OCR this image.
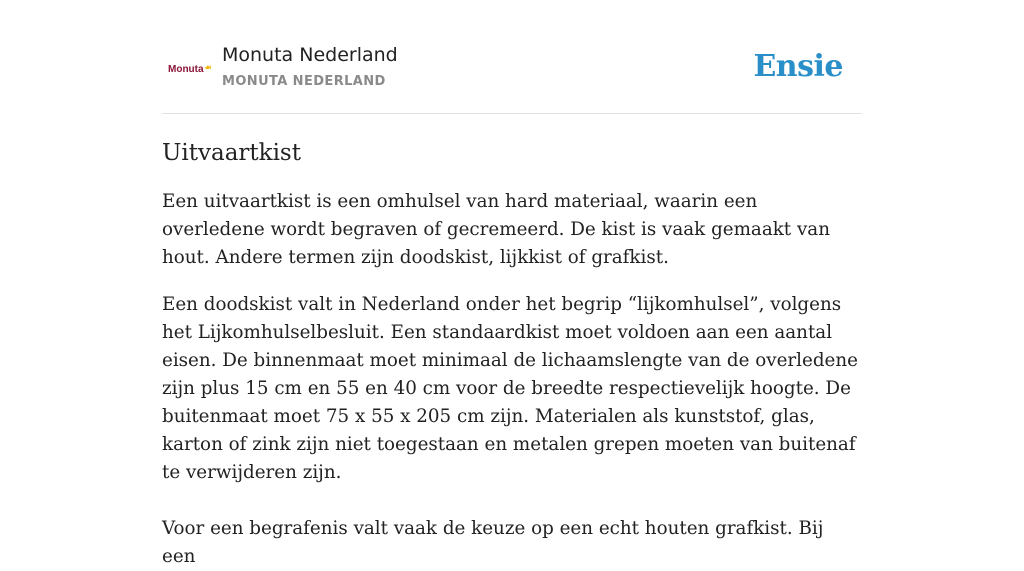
Monuta ☙
Monuta Nederland
MONUTA NEDERLAND	Ensie
Uitvaartkist

Een uitvaartkist is een omhulsel van hard materiaal, waarin een overledene wordt begraven of gecremeerd. De kist is vaak gemaakt van hout. Andere termen zijn doodskist, lijkkist of grafkist.

Een doodskist valt in Nederland onder het begrip “lijkomhulsel”, volgens het Lijkomhulselbesluit. Een standaardkist moet voldoen aan een aantal eisen. De binnenmaat moet minimaal de lichaamslengte van de overledene zijn plus 15 cm en 55 en 40 cm voor de breedte respectievelijk hoogte. De buitenmaat moet 75 x 55 x 205 cm zijn. Materialen als kunststof, glas, karton of zink zijn niet toegestaan en metalen grepen moeten van buitenaf te verwijderen zijn.

Voor een begrafenis valt vaak de keuze op een echt houten grafkist. Bij een
